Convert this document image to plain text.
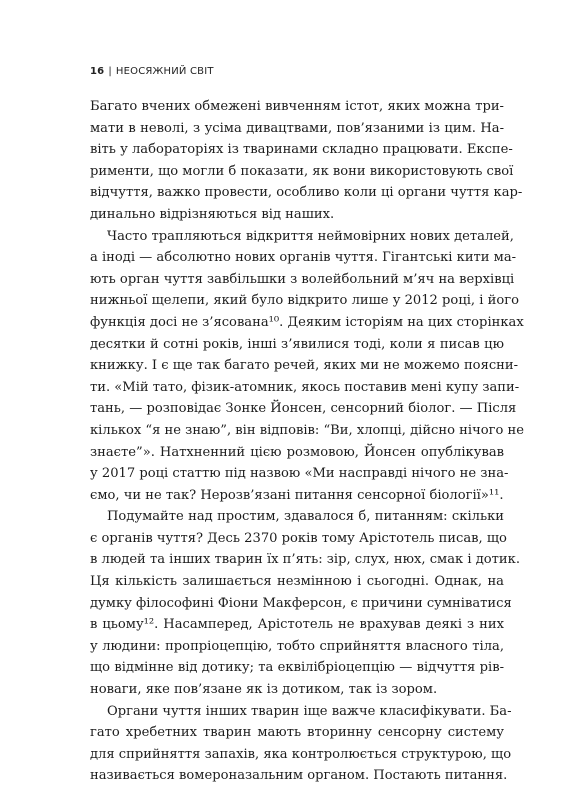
16 | НЕОСЯЖНИЙ СВІТ
Багато вчених обмежені вивченням істот, яких можна три-
мати в неволі, з усіма дивацтвами, пов’язаними із цим. На-
віть у лабораторіях із тваринами складно працювати. Експе-
рименти, що могли б показати, як вони використовують свої
відчуття, важко провести, особливо коли ці органи чуття кар-
динально відрізняються від наших.
Часто трапляються відкриття неймовірних нових деталей,
а іноді — абсолютно нових органів чуття. Гігантські кити ма-
ють орган чуття завбільшки з волейбольний м’яч на верхівці
нижньої щелепи, який було відкрито лише у 2012 році, і його
функція досі не з’ясована¹⁰. Деяким історіям на цих сторінках
десятки й сотні років, інші з’явилися тоді, коли я писав цю
книжку. І є ще так багато речей, яких ми не можемо поясни-
ти. «Мій тато, фізик-атомник, якось поставив мені купу запи-
тань, — розповідає Зонке Йонсен, сенсорний біолог. — Після
кількох “я не знаю”, він відповів: “Ви, хлопці, дійсно нічого не
знаєте”». Натхненний цією розмовою, Йонсен опублікував
у 2017 році статтю під назвою «Ми насправді нічого не зна-
ємо, чи не так? Нерозв’язані питання сенсорної біології»¹¹.
Подумайте над простим, здавалося б, питанням: скільки
є органів чуття? Десь 2370 років тому Арістотель писав, що
в людей та інших тварин їх п’ять: зір, слух, нюх, смак і дотик.
Ця кількість залишається незмінною і сьогодні. Однак, на
думку філософині Фіони Макферсон, є причини сумніватися
в цьому¹². Насамперед, Арістотель не врахував деякі з них
у людини: пропріоцепцію, тобто сприйняття власного тіла,
що відмінне від дотику; та еквілібріоцепцію — відчуття рів-
новаги, яке пов’язане як із дотиком, так із зором.
Органи чуття інших тварин іще важче класифікувати. Ба-
гато хребетних тварин мають вторинну сенсорну систему
для сприйняття запахів, яка контролюється структурою, що
називається вомероназальним органом. Постають питання.
